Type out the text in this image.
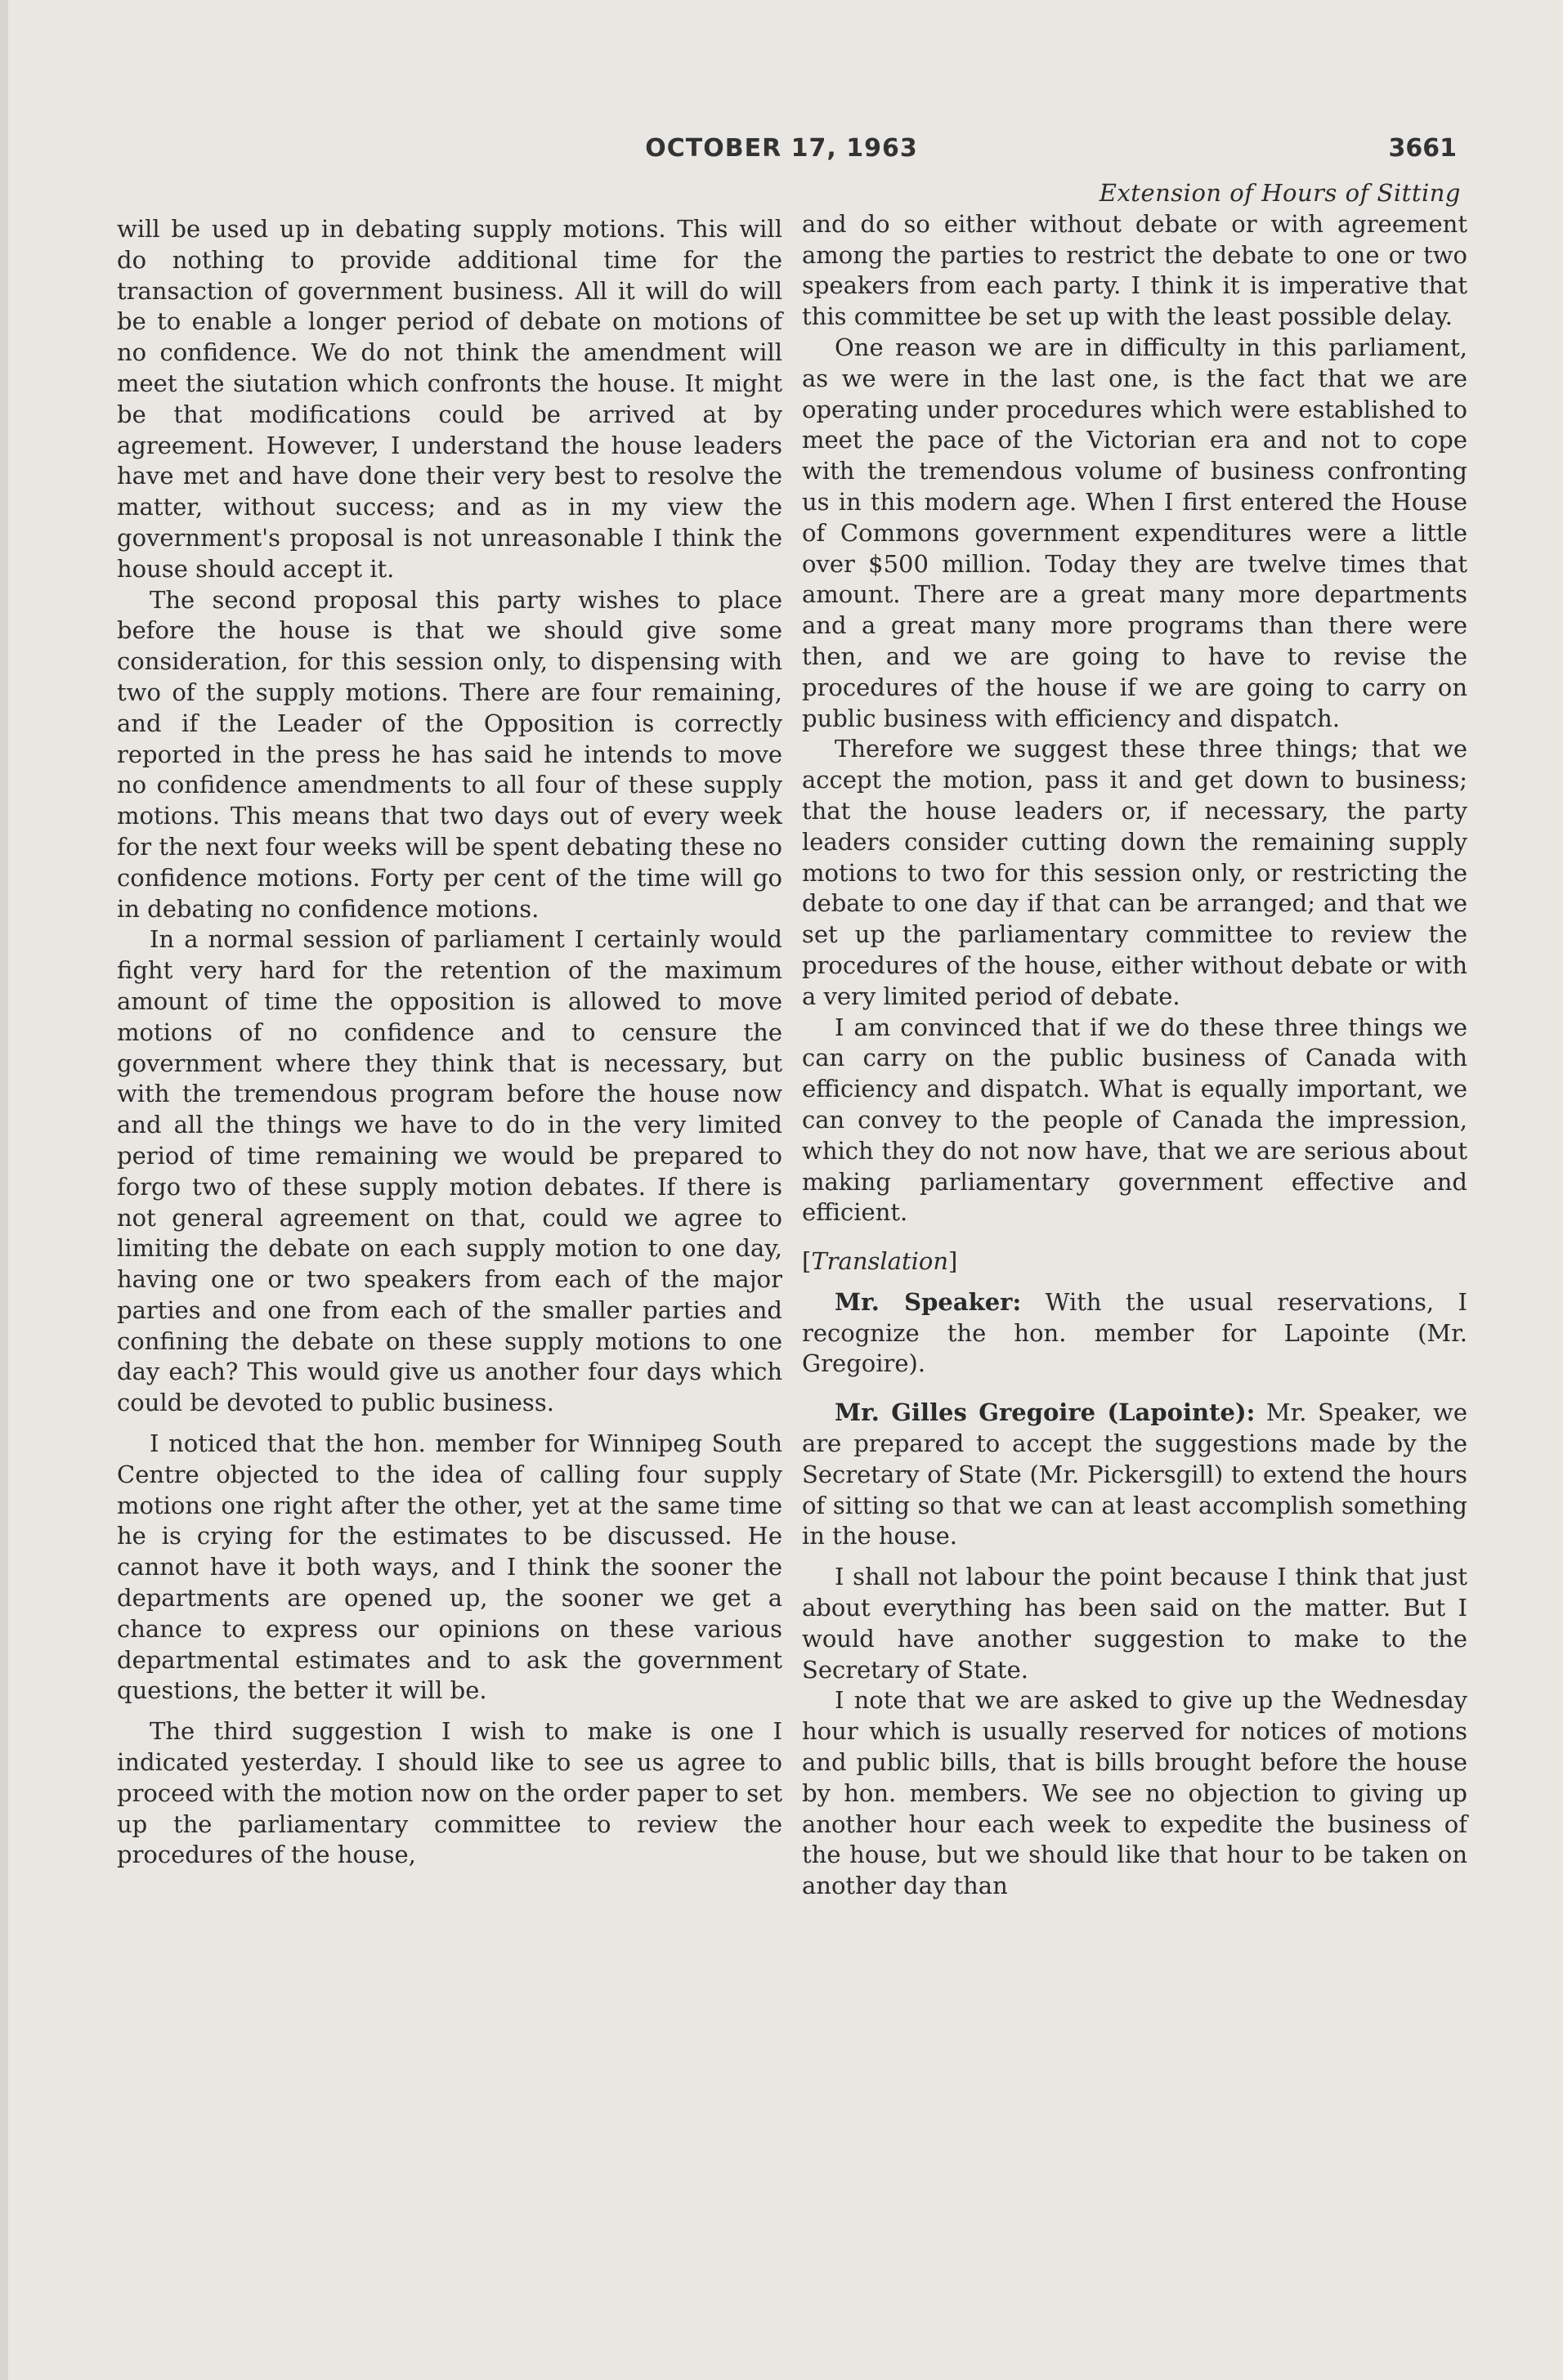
OCTOBER 17, 1963	3661

will be used up in debating supply motions. This will do nothing to provide additional time for the transaction of government business. All it will do will be to enable a longer period of debate on motions of no confidence. We do not think the amendment will meet the siutation which confronts the house. It might be that modifications could be arrived at by agreement. However, I understand the house leaders have met and have done their very best to resolve the matter, without success; and as in my view the government's proposal is not unreasonable I think the house should accept it.

The second proposal this party wishes to place before the house is that we should give some consideration, for this session only, to dispensing with two of the supply motions. There are four remaining, and if the Leader of the Opposition is correctly reported in the press he has said he intends to move no confidence amendments to all four of these supply motions. This means that two days out of every week for the next four weeks will be spent debating these no confidence motions. Forty per cent of the time will go in debating no confidence motions.

In a normal session of parliament I certainly would fight very hard for the retention of the maximum amount of time the opposition is allowed to move motions of no confidence and to censure the government where they think that is necessary, but with the tremendous program before the house now and all the things we have to do in the very limited period of time remaining we would be prepared to forgo two of these supply motion debates. If there is not general agreement on that, could we agree to limiting the debate on each supply motion to one day, having one or two speakers from each of the major parties and one from each of the smaller parties and confining the debate on these supply motions to one day each? This would give us another four days which could be devoted to public business.

I noticed that the hon. member for Winnipeg South Centre objected to the idea of calling four supply motions one right after the other, yet at the same time he is crying for the estimates to be discussed. He cannot have it both ways, and I think the sooner the departments are opened up, the sooner we get a chance to express our opinions on these various departmental estimates and to ask the government questions, the better it will be.

The third suggestion I wish to make is one I indicated yesterday. I should like to see us agree to proceed with the motion now on the order paper to set up the parliamentary committee to review the procedures of the house,

Extension of Hours of Sitting

and do so either without debate or with agreement among the parties to restrict the debate to one or two speakers from each party. I think it is imperative that this committee be set up with the least possible delay.

One reason we are in difficulty in this parliament, as we were in the last one, is the fact that we are operating under procedures which were established to meet the pace of the Victorian era and not to cope with the tremendous volume of business confronting us in this modern age. When I first entered the House of Commons government expenditures were a little over $500 million. Today they are twelve times that amount. There are a great many more departments and a great many more programs than there were then, and we are going to have to revise the procedures of the house if we are going to carry on public business with efficiency and dispatch.

Therefore we suggest these three things; that we accept the motion, pass it and get down to business; that the house leaders or, if necessary, the party leaders consider cutting down the remaining supply motions to two for this session only, or restricting the debate to one day if that can be arranged; and that we set up the parliamentary committee to review the procedures of the house, either without debate or with a very limited period of debate.

I am convinced that if we do these three things we can carry on the public business of Canada with efficiency and dispatch. What is equally important, we can convey to the people of Canada the impression, which they do not now have, that we are serious about making parliamentary government effective and efficient.

[Translation]

Mr. Speaker: With the usual reservations, I recognize the hon. member for Lapointe (Mr. Gregoire).

Mr. Gilles Gregoire (Lapointe): Mr. Speaker, we are prepared to accept the suggestions made by the Secretary of State (Mr. Pickersgill) to extend the hours of sitting so that we can at least accomplish something in the house.

I shall not labour the point because I think that just about everything has been said on the matter. But I would have another suggestion to make to the Secretary of State.

I note that we are asked to give up the Wednesday hour which is usually reserved for notices of motions and public bills, that is bills brought before the house by hon. members. We see no objection to giving up another hour each week to expedite the business of the house, but we should like that hour to be taken on another day than
